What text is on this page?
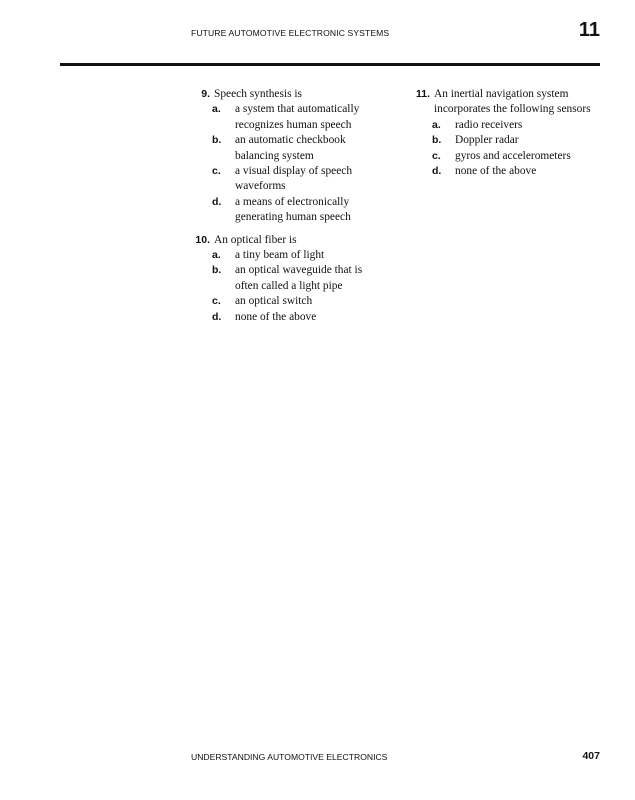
FUTURE AUTOMOTIVE ELECTRONIC SYSTEMS	11
9. Speech synthesis is
a.	a system that automatically
recognizes human speech
b.	an automatic checkbook
balancing system
c.	a visual display of speech
waveforms
d.	a means of electronically
generating human speech
10. An optical fiber is
a.	a tiny beam of light
b.	an optical waveguide that is
often called a light pipe
c.	an optical switch
d.	none of the above
11. An inertial navigation system
incorporates the following sensors
a.	radio receivers
b.	Doppler radar
c.	gyros and accelerometers
d.	none of the above
UNDERSTANDING AUTOMOTIVE ELECTRONICS	407
